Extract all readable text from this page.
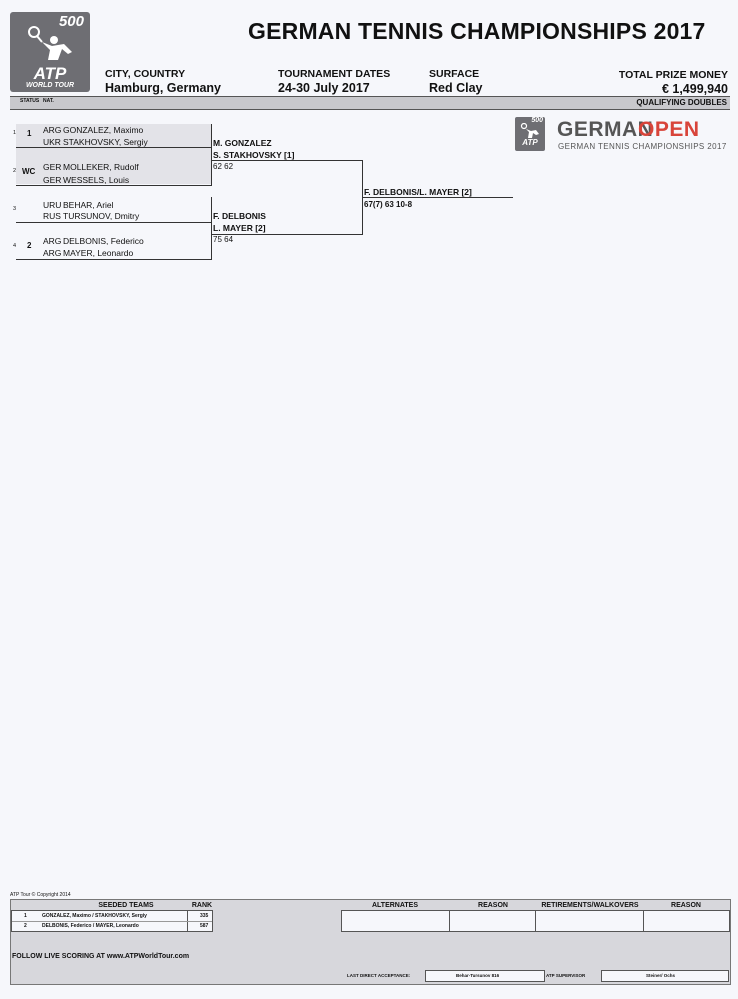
500
ATP
WORLD TOUR
GERMAN TENNIS CHAMPIONSHIPS 2017
CITY, COUNTRY
Hamburg, Germany
TOURNAMENT DATES
24-30 July 2017
SURFACE
Red Clay
TOTAL PRIZE MONEY
€ 1,499,940
STATUS NAT.	QUALIFYING DOUBLES
1 1 ARG GONZALEZ, Maximo
UKR STAKHOVSKY, Sergiy
2 WC GER MOLLEKER, Rudolf
GER WESSELS, Louis
3	URU BEHAR, Ariel
RUS TURSUNOV, Dmitry
4 2 ARG DELBONIS, Federico
ARG MAYER, Leonardo
M. GONZALEZ
S. STAKHOVSKY [1]
62 62
F. DELBONIS
L. MAYER [2]
75 64
F. DELBONIS/L. MAYER [2]
67(7) 63 10-8
500
ATP
GERMAN
OPEN
GERMAN TENNIS CHAMPIONSHIPS 2017
ATP Tour © Copyright 2014
SEEDED TEAMS	RANK	ALTERNATES	REASON	RETIREMENTS/WALKOVERS	REASON
1	GONZALEZ, Maximo / STAKHOVSKY, Sergiy	335
2	DELBONIS, Federico / MAYER, Leonardo	587
FOLLOW LIVE SCORING AT www.ATPWorldTour.com
LAST DIRECT ACCEPTANCE:	Behar-Tursunov 816	ATP SUPERVISOR	Steiner/ Ochs
